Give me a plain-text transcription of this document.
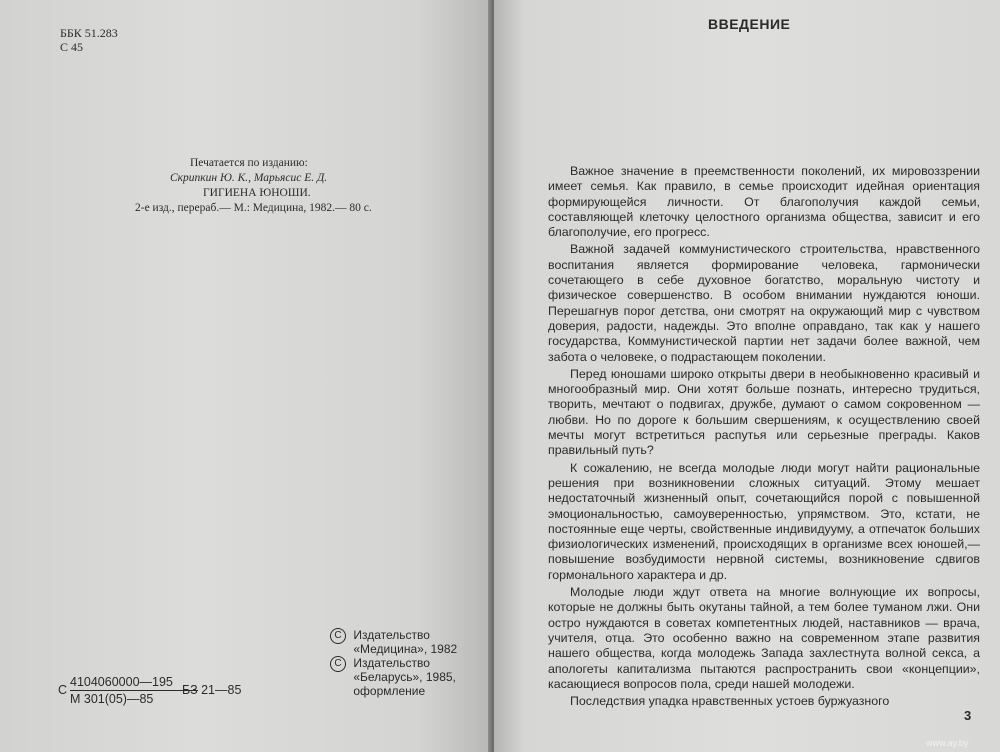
ББК 51.283
С 45
Печатается по изданию:
Скрипкин Ю. К., Марьясис Е. Д.
ГИГИЕНА ЮНОШИ.
2-е изд., перераб.— М.: Медицина, 1982.— 80 с.
C Издательство
«Медицина», 1982
C Издательство
«Беларусь», 1985,
оформление
С
4104060000—195
М 301(05)—85
БЗ 21—85
ВВЕДЕНИЕ

Важное значение в преемственности поколений, их мировоззрении имеет семья. Как правило, в семье происходит идейная ориентация формирующейся личности. От благополучия каждой семьи, составляющей клеточку целостного организма общества, зависит и его благополучие, его прогресс.

Важной задачей коммунистического строительства, нравственного воспитания является формирование человека, гармонически сочетающего в себе духовное богатство, моральную чистоту и физическое совершенство. В особом внимании нуждаются юноши. Перешагнув порог детства, они смотрят на окружающий мир с чувством доверия, радости, надежды. Это вполне оправдано, так как у нашего государства, Коммунистической партии нет задачи более важной, чем забота о человеке, о подрастающем поколении.

Перед юношами широко открыты двери в необыкновенно красивый и многообразный мир. Они хотят больше познать, интересно трудиться, творить, мечтают о подвигах, дружбе, думают о самом сокровенном — любви. Но по дороге к большим свершениям, к осуществлению своей мечты могут встретиться распутья или серьезные преграды. Каков правильный путь?

К сожалению, не всегда молодые люди могут найти рациональные решения при возникновении сложных ситуаций. Этому мешает недостаточный жизненный опыт, сочетающийся порой с повышенной эмоциональностью, самоуверенностью, упрямством. Это, кстати, не постоянные еще черты, свойственные индивидууму, а отпечаток больших физиологических изменений, происходящих в организме всех юношей,— повышение возбудимости нервной системы, возникновение сдвигов гормонального характера и др.

Молодые люди ждут ответа на многие волнующие их вопросы, которые не должны быть окутаны тайной, а тем более туманом лжи. Они остро нуждаются в советах компетентных людей, наставников — врача, учителя, отца. Это особенно важно на современном этапе развития нашего общества, когда молодежь Запада захлестнута волной секса, а апологеты капитализма пытаются распространить свои «концепции», касающиеся вопросов пола, среди нашей молодежи.

Последствия упадка нравственных устоев буржуазного

3
www.ay.by
